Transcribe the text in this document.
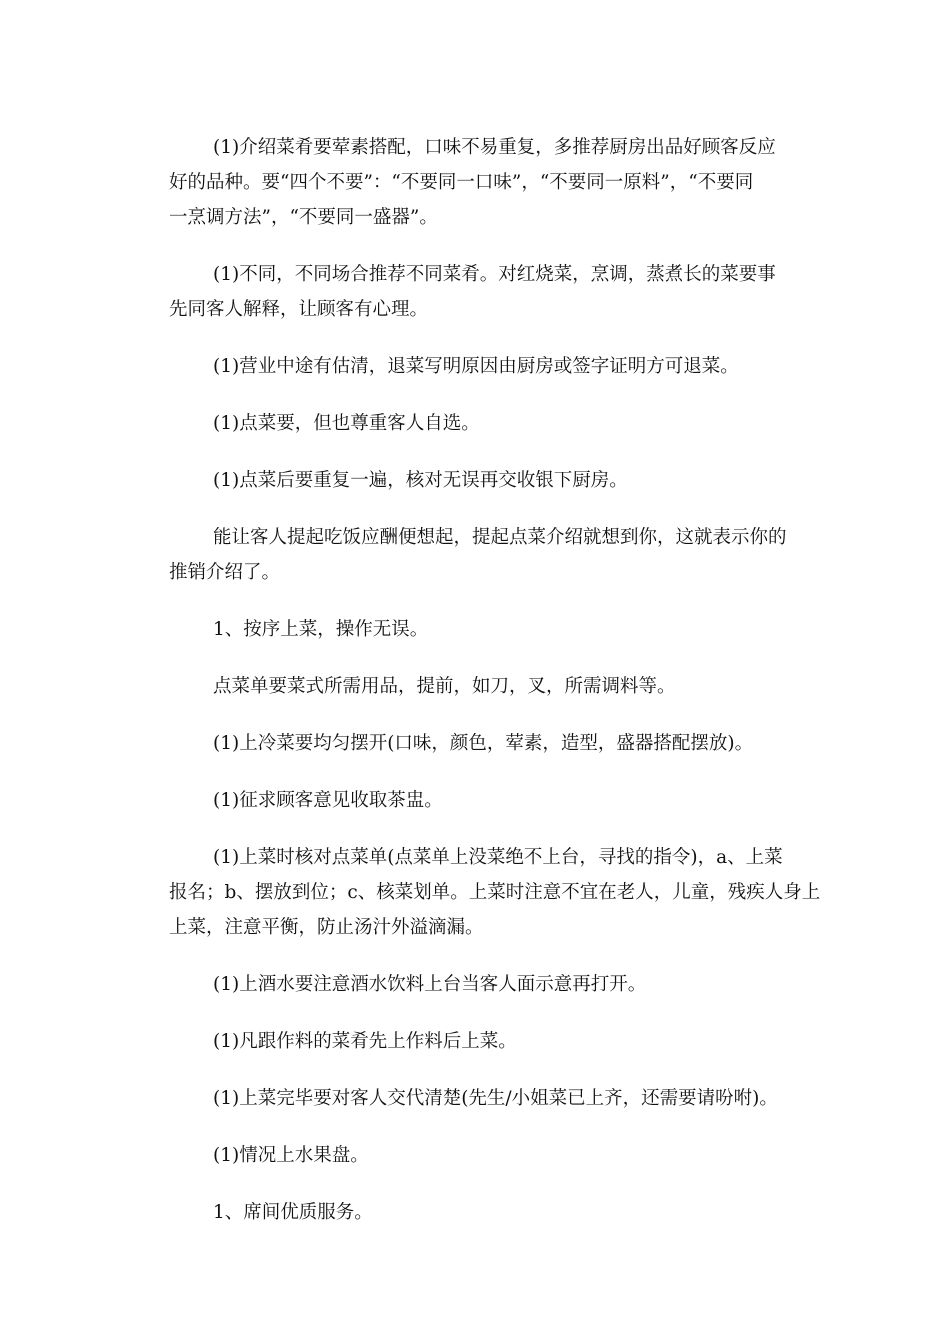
(1)介绍菜肴要荤素搭配，口味不易重复，多推荐厨房出品好顾客反应
好的品种。要“四个不要”：“不要同一口味”，“不要同一原料”，“不要同
一烹调方法”，“不要同一盛器”。

(1)不同，不同场合推荐不同菜肴。对红烧菜，烹调，蒸煮长的菜要事
先同客人解释，让顾客有心理。

(1)营业中途有估清，退菜写明原因由厨房或签字证明方可退菜。

(1)点菜要，但也尊重客人自选。

(1)点菜后要重复一遍，核对无误再交收银下厨房。

能让客人提起吃饭应酬便想起，提起点菜介绍就想到你，这就表示你的
推销介绍了。

1、按序上菜，操作无误。

点菜单要菜式所需用品，提前，如刀，叉，所需调料等。

(1)上冷菜要均匀摆开(口味，颜色，荤素，造型，盛器搭配摆放)。

(1)征求顾客意见收取茶盅。

(1)上菜时核对点菜单(点菜单上没菜绝不上台，寻找的指令)，a、上菜
报名；b、摆放到位；c、核菜划单。上菜时注意不宜在老人，儿童，残疾人身上
上菜，注意平衡，防止汤汁外溢滴漏。

(1)上酒水要注意酒水饮料上台当客人面示意再打开。

(1)凡跟作料的菜肴先上作料后上菜。

(1)上菜完毕要对客人交代清楚(先生/小姐菜已上齐，还需要请吩咐)。

(1)情况上水果盘。

1、席间优质服务。
